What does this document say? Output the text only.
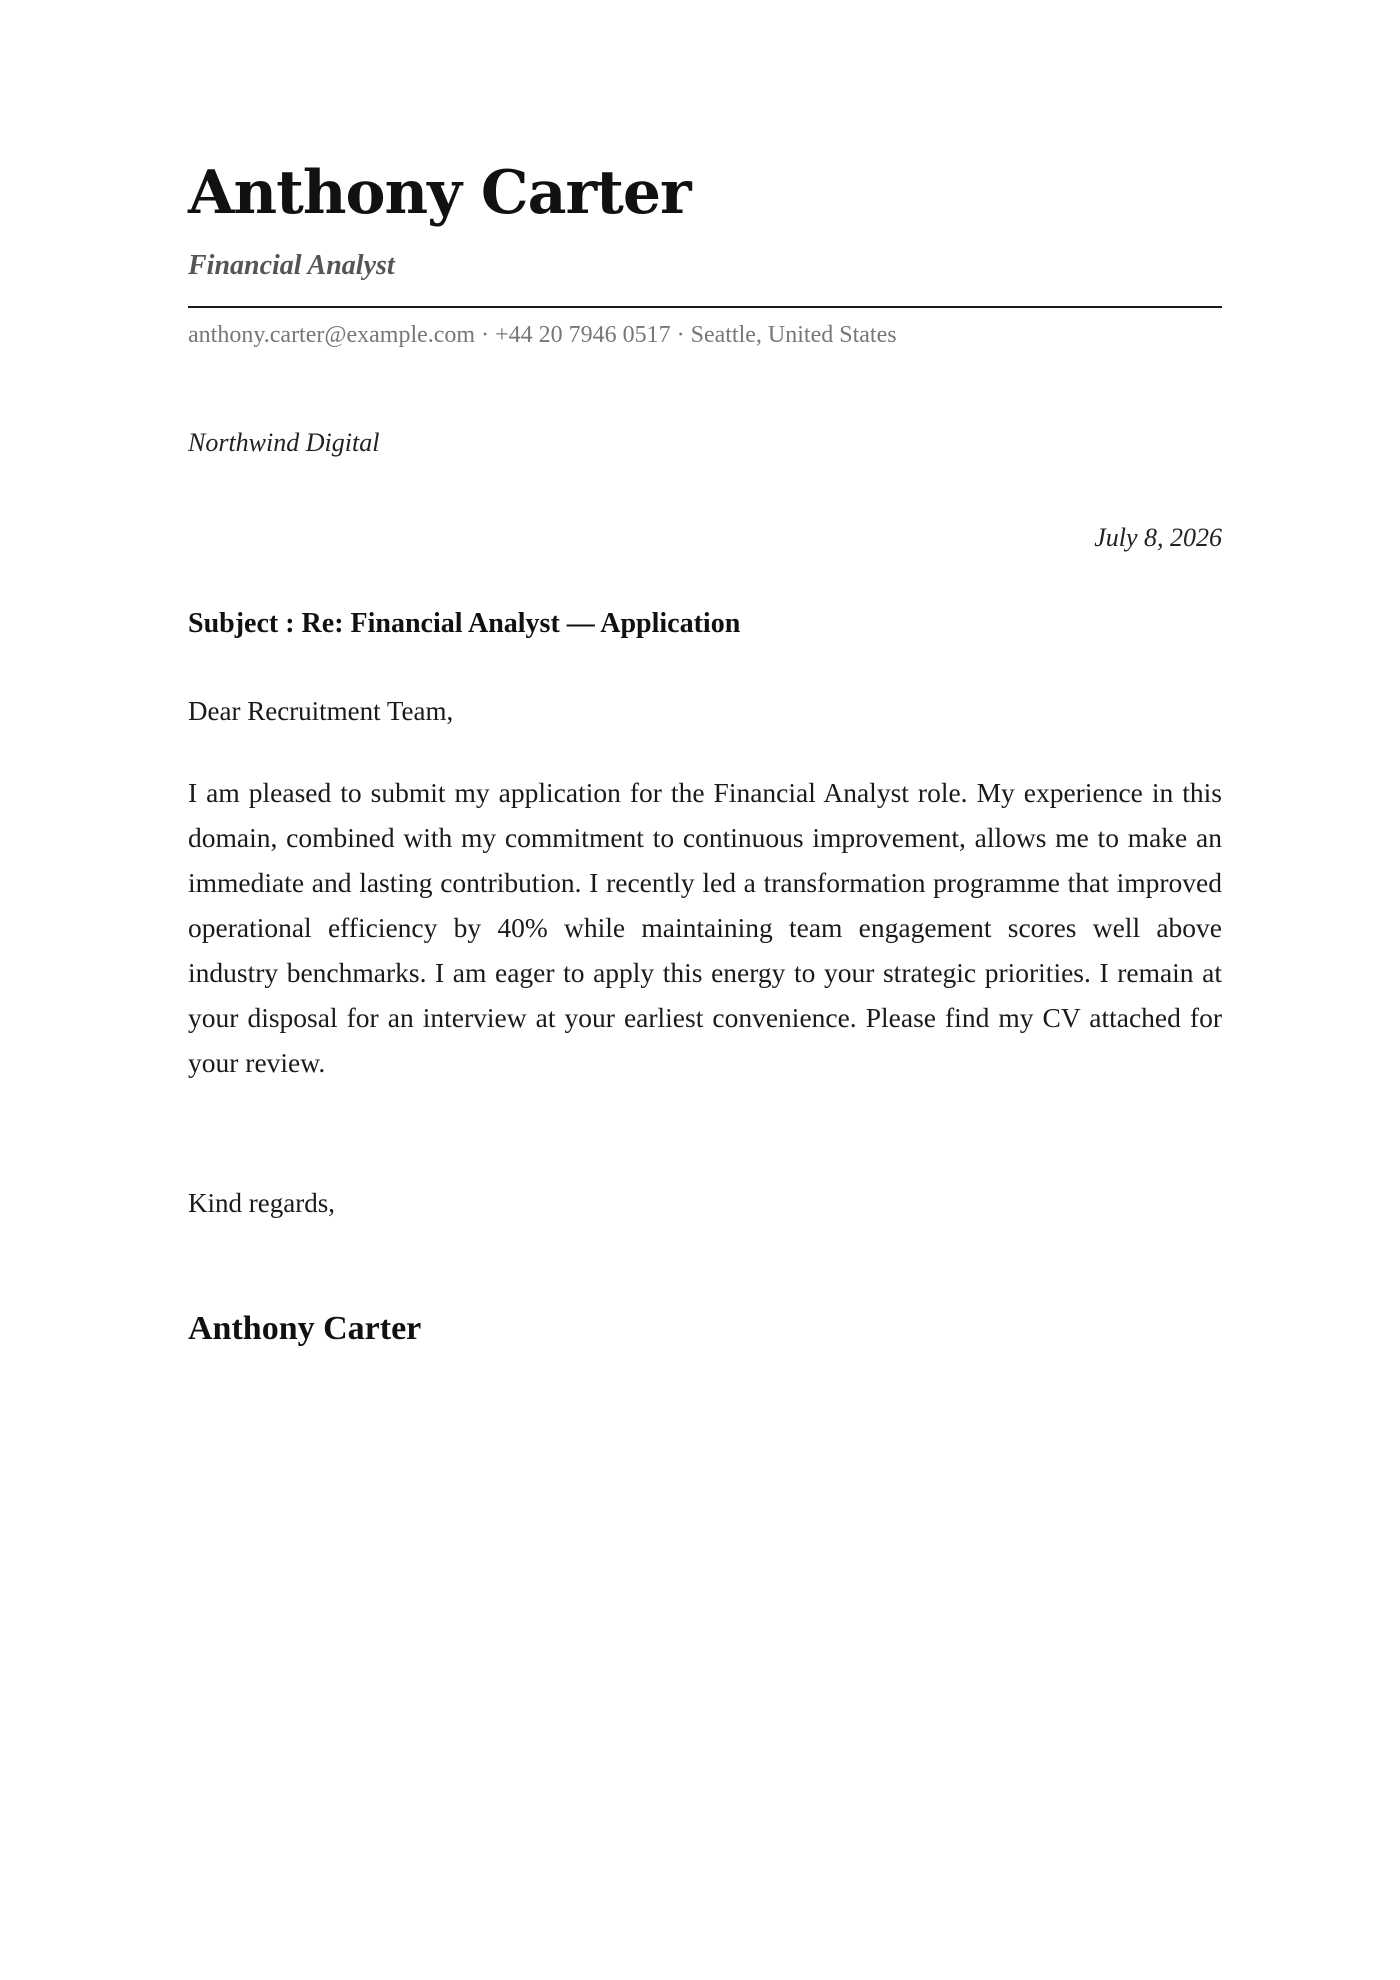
Anthony Carter
Financial Analyst
anthony.carter@example.com · +44 20 7946 0517 · Seattle, United States
Northwind Digital
July 8, 2026
Subject : Re: Financial Analyst — Application
Dear Recruitment Team,

I am pleased to submit my application for the Financial Analyst role. My experience in this domain, combined with my commitment to continuous improvement, allows me to make an immediate and lasting contribution. I recently led a transformation programme that improved operational efficiency by 40% while maintaining team engagement scores well above industry benchmarks. I am eager to apply this energy to your strategic priorities. I remain at your disposal for an interview at your earliest convenience. Please find my CV attached for your review.

Kind regards,
Anthony Carter
